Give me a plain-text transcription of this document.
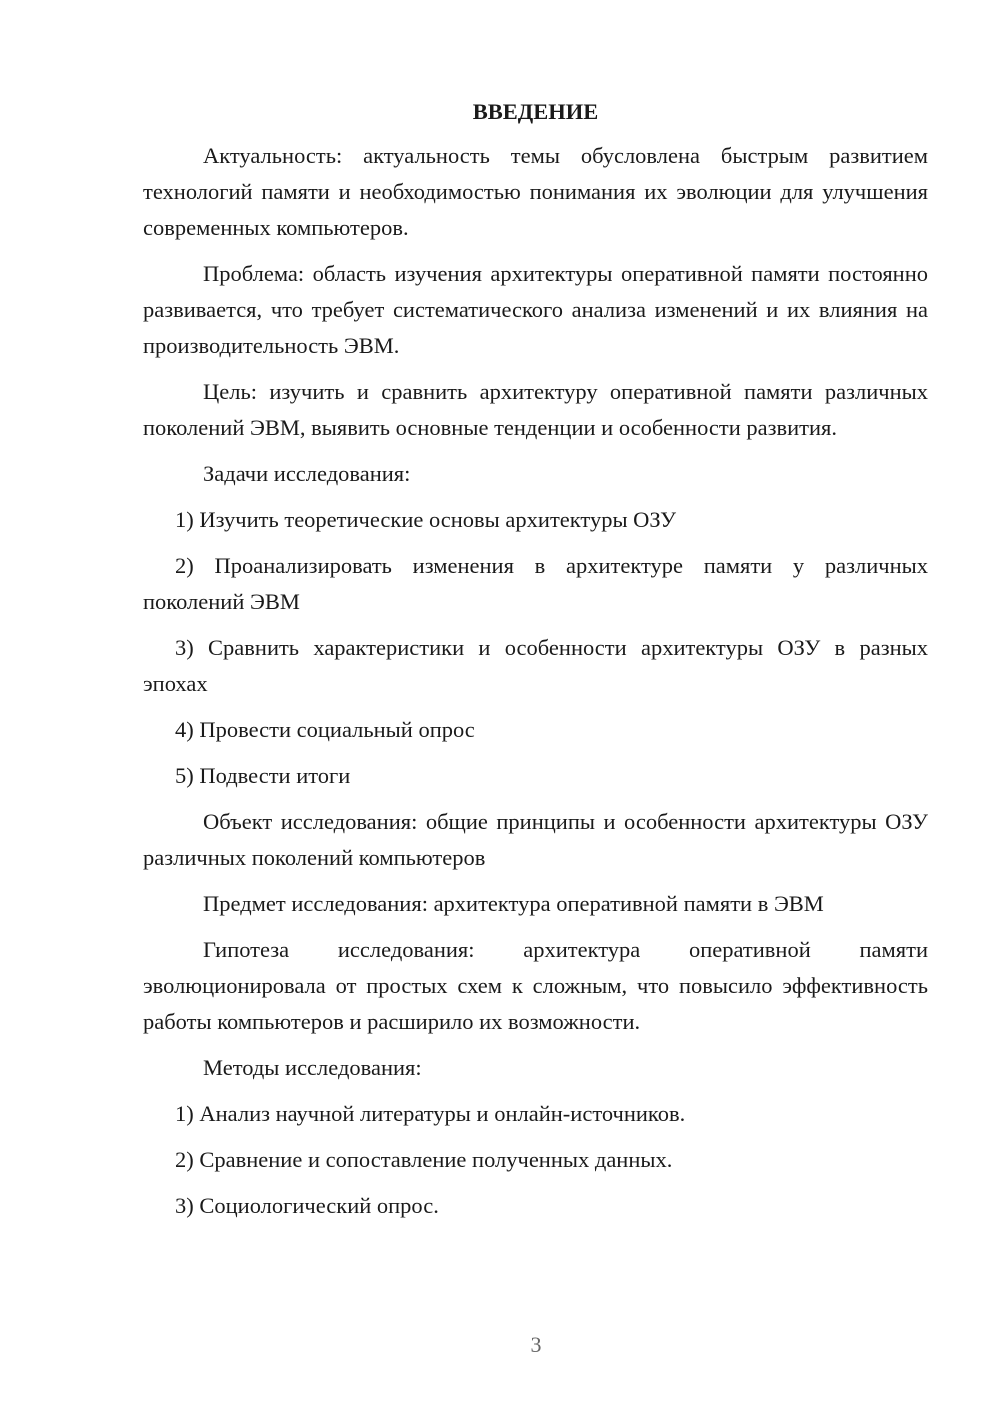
ВВЕДЕНИЕ

Актуальность: актуальность темы обусловлена быстрым развитием технологий памяти и необходимостью понимания их эволюции для улучшения современных компьютеров.

Проблема: область изучения архитектуры оперативной памяти постоянно развивается, что требует систематического анализа изменений и их влияния на производительность ЭВМ.

Цель: изучить и сравнить архитектуру оперативной памяти различных поколений ЭВМ, выявить основные тенденции и особенности развития.

Задачи исследования:

1) Изучить теоретические основы архитектуры ОЗУ

2) Проанализировать изменения в архитектуре памяти у различных поколений ЭВМ

3) Сравнить характеристики и особенности архитектуры ОЗУ в разных эпохах

4) Провести социальный опрос

5) Подвести итоги

Объект исследования: общие принципы и особенности архитектуры ОЗУ различных поколений компьютеров

Предмет исследования: архитектура оперативной памяти в ЭВМ

Гипотеза исследования: архитектура оперативной памяти эволюционировала от простых схем к сложным, что повысило эффективность работы компьютеров и расширило их возможности.

Методы исследования:

1) Анализ научной литературы и онлайн-источников.

2) Сравнение и сопоставление полученных данных.

3) Социологический опрос.

3
